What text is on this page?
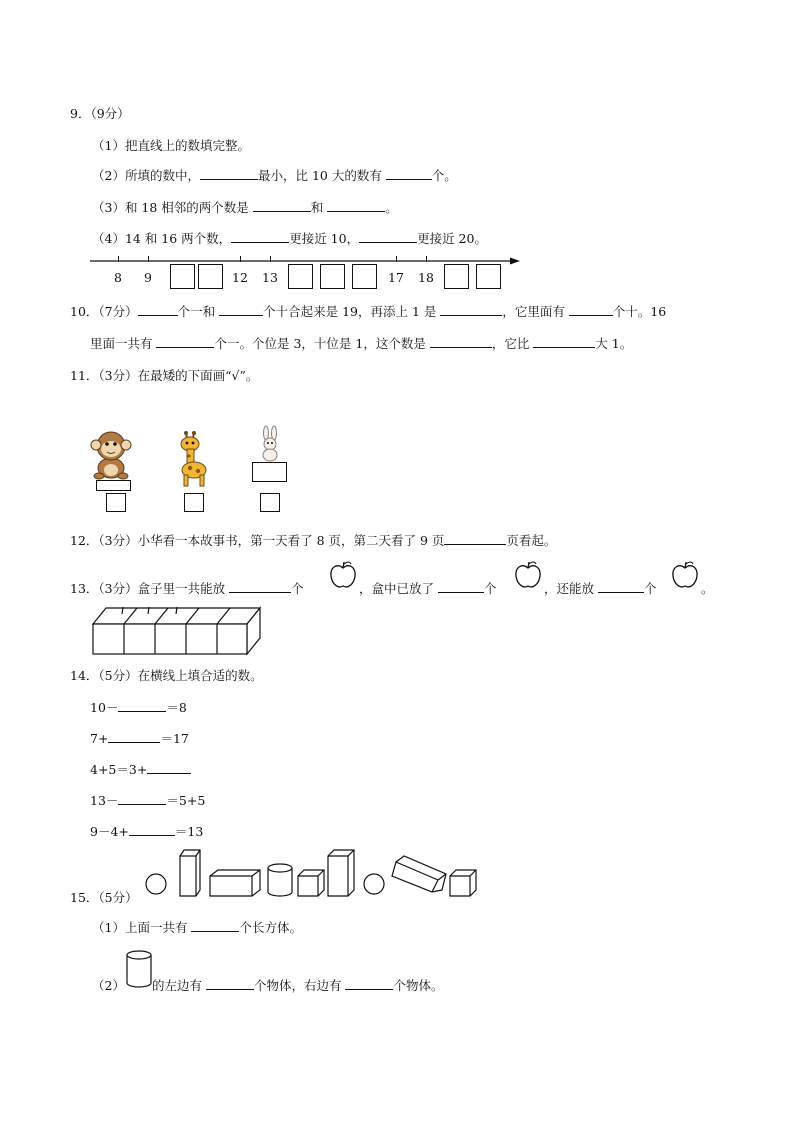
9．（9分）
（1）把直线上的数填完整。
（2）所填的数中，	最小，比 10 大的数有	个。
（3）和 18 相邻的两个数是	和	。
（4）14 和 16 两个数，	更接近 10，	更接近 20。
8 9	12 13	17 18
10．（7分）	个一和	个十合起来是 19，再添上 1 是	，它里面有	个十。16
里面一共有	个一。个位是 3，十位是 1，这个数是	，它比	大 1。
11．（3分）在最矮的下面画“√”。
12．（3分）小华看一本故事书，第一天看了 8 页，第二天看了 9 页	页看起。
13．（3分）盒子里一共能放	个	，盒中已放了	个	，还能放	个	。
14．（5分）在横线上填合适的数。
10－	＝8
7+	＝17
4+5＝3+
13－	＝5+5
9－4+	＝13
15．（5分）
（1）上面一共有	个长方体。
（2） 的左边有	个物体，右边有	个物体。
